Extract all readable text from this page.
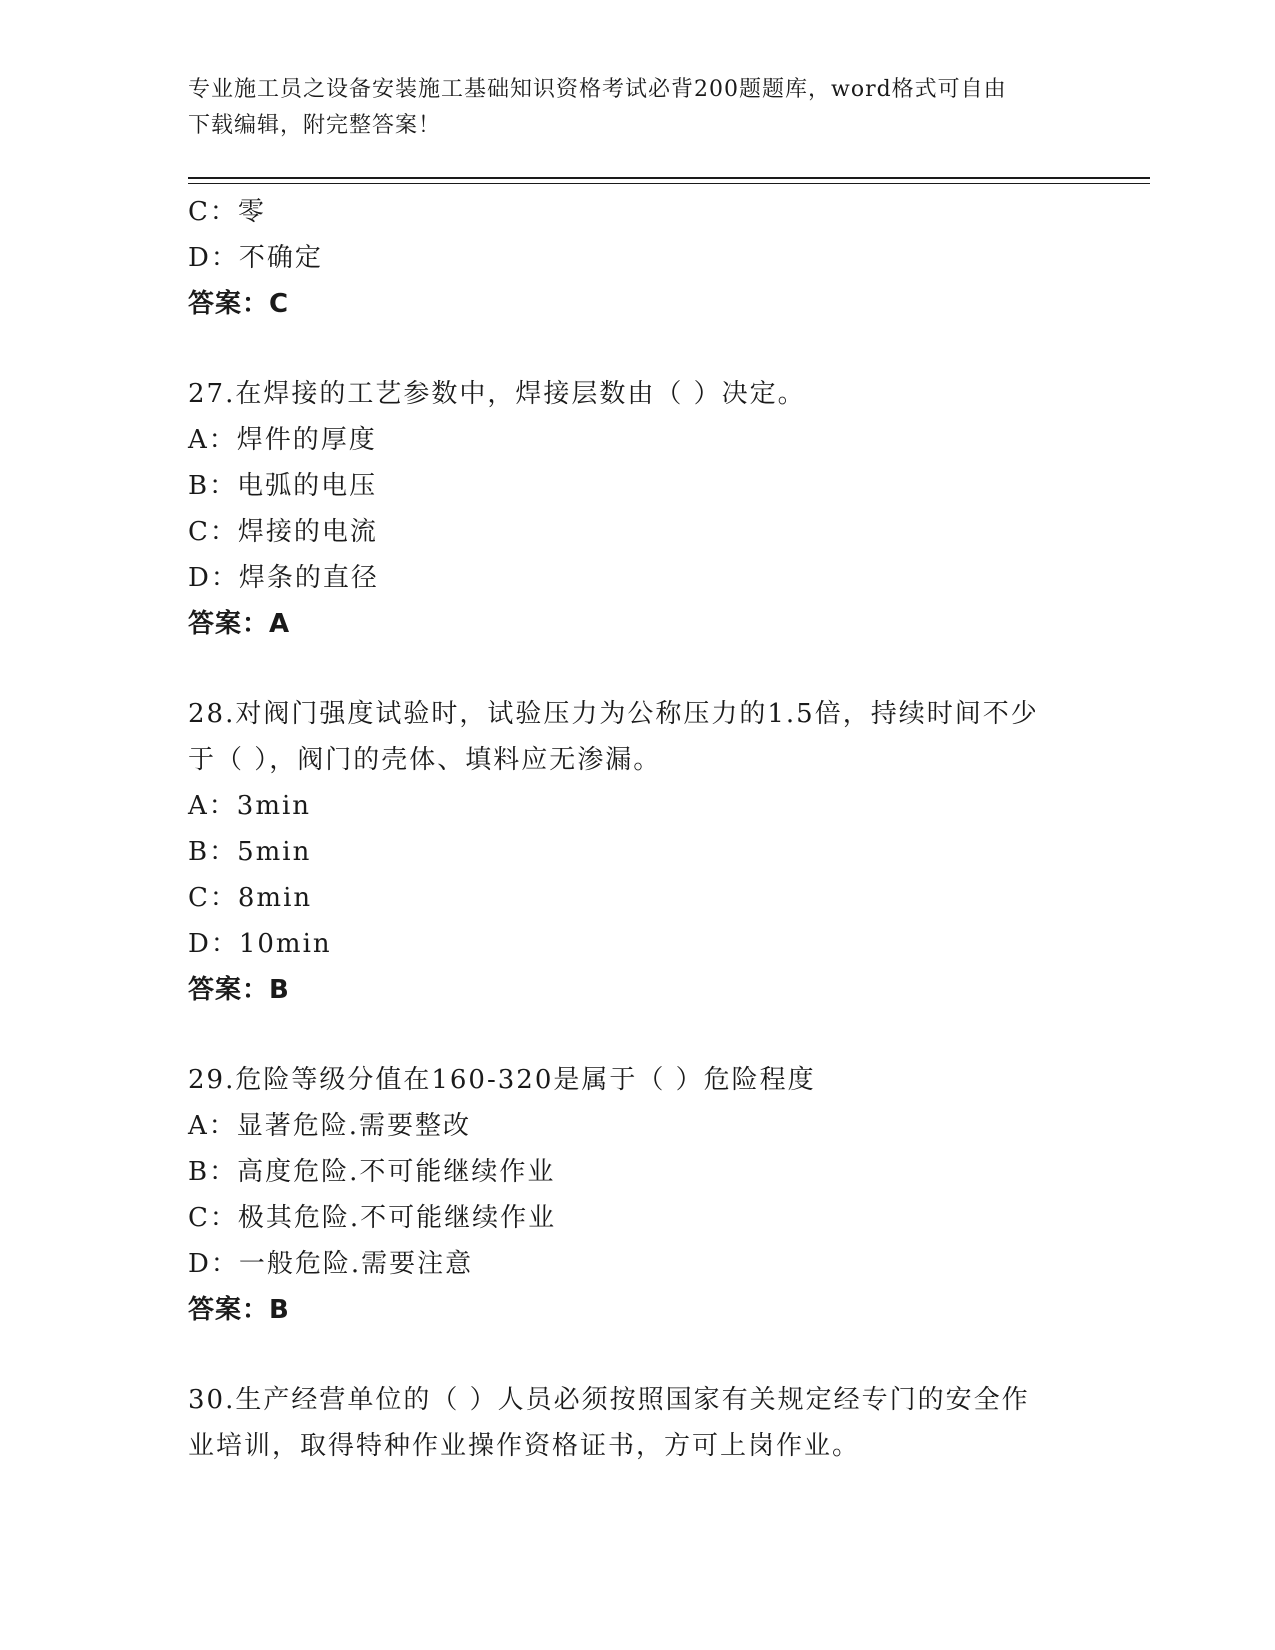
专业施工员之设备安装施工基础知识资格考试必背200题题库，word格式可自由
下载编辑，附完整答案！
C：零
D：不确定
答案：C
27.在焊接的工艺参数中，焊接层数由（ ）决定。
A：焊件的厚度
B：电弧的电压
C：焊接的电流
D：焊条的直径
答案：A
28.对阀门强度试验时，试验压力为公称压力的1.5倍，持续时间不少
于（ ），阀门的壳体、填料应无渗漏。
A：3min
B：5min
C：8min
D：10min
答案：B
29.危险等级分值在160-320是属于（ ）危险程度
A：显著危险.需要整改
B：高度危险.不可能继续作业
C：极其危险.不可能继续作业
D：一般危险.需要注意
答案：B
30.生产经营单位的（ ）人员必须按照国家有关规定经专门的安全作
业培训，取得特种作业操作资格证书，方可上岗作业。
